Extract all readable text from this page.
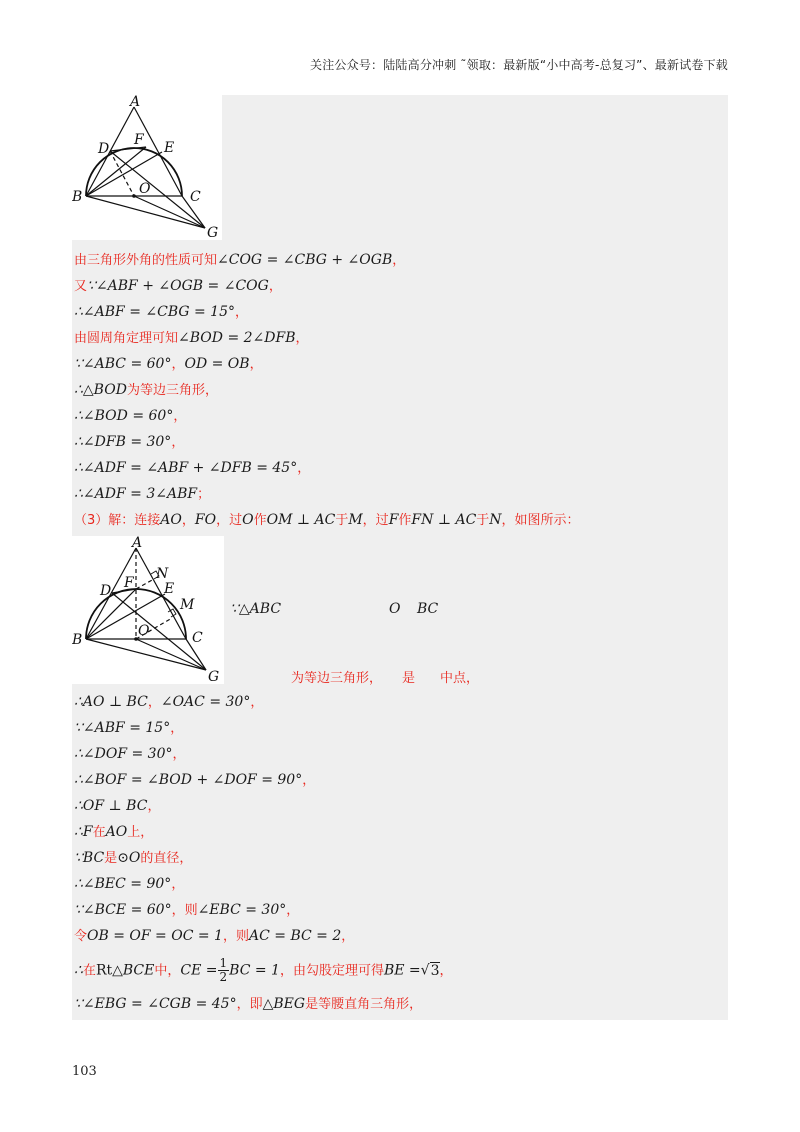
关注公众号：陆陆高分冲刺 ˜领取：最新版“小中高考-总复习”、最新试卷下载
A
B	C
D	E
F
G
O
由三角形外角的性质可知∠COG = ∠CBG + ∠OGB，
又∵∠ABF + ∠OGB = ∠COG，
∴∠ABF = ∠CBG = 15°，
由圆周角定理可知∠BOD = 2∠DFB，
∵∠ABC = 60°，OD = OB，
∴△BOD为等边三角形，
∴∠BOD = 60°，
∴∠DFB = 30°，
∴∠ADF = ∠ABF + ∠DFB = 45°，
∴∠ADF = 3∠ABF；
（3）解：连接AO，FO，过O作OM ⊥ AC于M，过F作FN ⊥ AC于N，如图所示：
A
B	C
D	E
F
G
O
M
N
∵△ABC	O BC
为等边三角形， 是 中点，
∴AO ⊥ BC，∠OAC = 30°，
∵∠ABF = 15°，
∴∠DOF = 30°，
∴∠BOF = ∠BOD + ∠DOF = 90°，
∴OF ⊥ BC，
∴F在AO上，
∵BC是⊙O的直径，
∴∠BEC = 90°，
∵∠BCE = 60°，则∠EBC = 30°，
令OB = OF = OC = 1，则AC = BC = 2，
∴在Rt△BCE中，CE = $\frac{1}{2}$ BC = 1，由勾股定理可得BE =√3，
∵∠EBG = ∠CGB = 45°，即△BEG是等腰直角三角形，
103
